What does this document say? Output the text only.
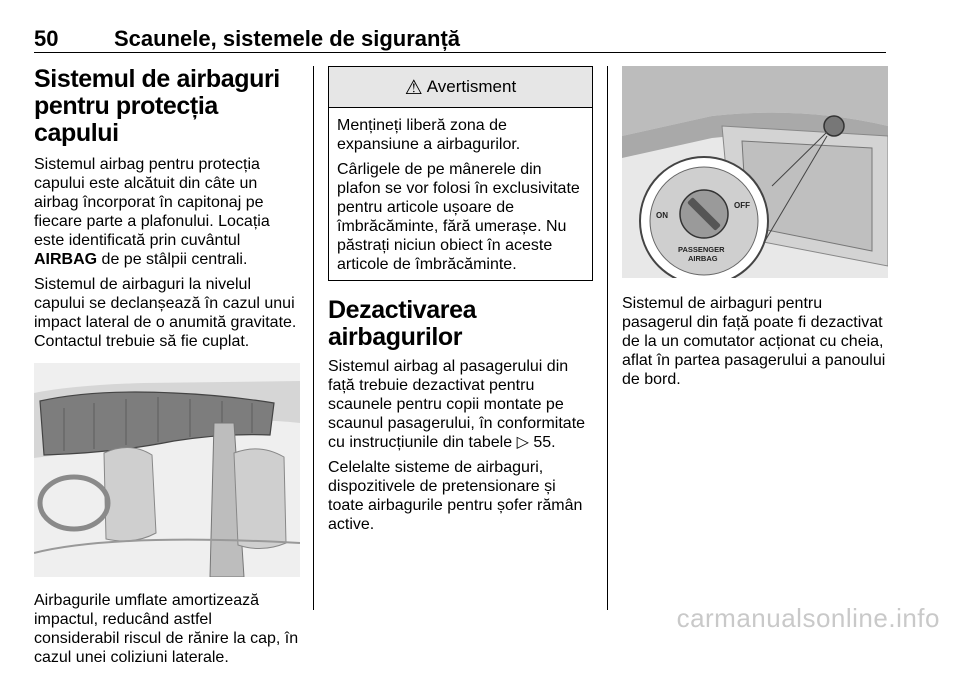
50	Scaunele, sistemele de siguranță
Sistemul de airbaguri pentru protecția capului

Sistemul airbag pentru protecția capului este alcătuit din câte un airbag încorporat în capitonaj pe fiecare parte a plafonului. Locația este identificată prin cuvântul AIRBAG de pe stâlpii centrali.

Sistemul de airbaguri la nivelul capului se declanșează în cazul unui impact lateral de o anumită gravitate. Contactul trebuie să fie cuplat.

Airbagurile umflate amortizează impactul, reducând astfel considerabil riscul de rănire la cap, în cazul unei coliziuni laterale.

⚠ Avertisment

Mențineți liberă zona de expansiune a airbagurilor.

Cârligele de pe mânerele din plafon se vor folosi în exclusivitate pentru articole ușoare de îmbrăcăminte, fără umerașe. Nu păstrați niciun obiect în aceste articole de îmbrăcăminte.

Dezactivarea airbagurilor

Sistemul airbag al pasagerului din față trebuie dezactivat pentru scaunele pentru copii montate pe scaunul pasagerului, în conformitate cu instrucțiunile din tabele ▷ 55.

Celelalte sisteme de airbaguri, dispozitivele de pretensionare și toate airbagurile pentru șofer rămân active.

ON
OFF
PASSENGER
AIRBAG

Sistemul de airbaguri pentru pasagerul din față poate fi dezactivat de la un comutator acționat cu cheia, aflat în partea pasagerului a panoului de bord.

carmanualsonline.info
